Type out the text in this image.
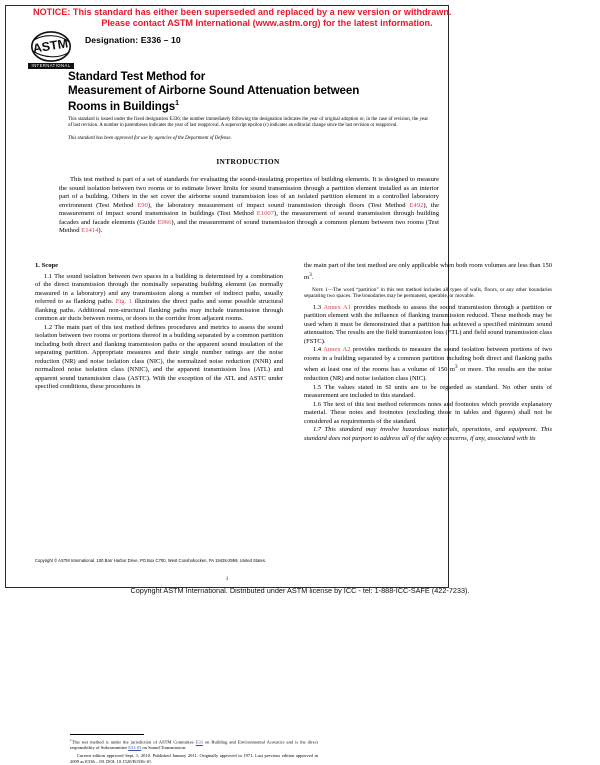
NOTICE: This standard has either been superseded and replaced by a new version or withdrawn.
Please contact ASTM International (www.astm.org) for the latest information.
ASTM
INTERNATIONAL
Designation: E336 – 10
Standard Test Method for
Measurement of Airborne Sound Attenuation between
Rooms in Buildings$^1$
This standard is issued under the fixed designation E336; the number immediately following the designation indicates the year of original adoption or, in the case of revision, the year of last revision. A number in parentheses indicates the year of last reapproval. A superscript epsilon (ε) indicates an editorial change since the last revision or reapproval.
This standard has been approved for use by agencies of the Department of Defense.
INTRODUCTION
This test method is part of a set of standards for evaluating the sound-insulating properties of building elements. It is designed to measure the sound isolation between two rooms or to estimate lower limits for sound transmission through a partition element installed as an interior part of a building. Others in the set cover the airborne sound transmission loss of an isolated partition element in a controlled laboratory environment (Test Method E90), the laboratory measurement of impact sound transmission through floors (Test Method E492), the measurement of impact sound transmission in buildings (Test Method E1007), the measurement of sound transmission through building facades and facade elements (Guide E966), and the measurement of sound transmission through a common plenum between two rooms (Test Method E1414).
1. Scope

1.1 The sound isolation between two spaces in a building is determined by a combination of the direct transmission through the nominally separating building element (as normally measured in a laboratory) and any transmission along a number of indirect paths, usually referred to as flanking paths. Fig. 1 illustrates the direct paths and some possible structural flanking paths. Additional non-structural flanking paths may include transmission through common air ducts between rooms, or doors to the corridor from adjacent rooms.

1.2 The main part of this test method defines procedures and metrics to assess the sound isolation between two rooms or portions thereof in a building separated by a common partition including both direct and flanking transmission paths or the apparent sound insulation of the separating partition. Appropriate measures and their single number ratings are the noise reduction (NR) and noise isolation class (NIC), the normalized noise reduction (NNR) and normalized noise isolation class (NNIC), and the apparent transmission loss (ATL) and apparent sound transmission class (ASTC). With the exception of the ATL and ASTC under specified conditions, these procedures in

$^1$This test method is under the jurisdiction of ASTM Committee E33 on Building and Environmental Acoustics and is the direct responsibility of Subcommittee E33.03 on Sound Transmission.

Current edition approved Sept. 1, 2010. Published January 2011. Originally approved in 1971. Last previous edition approved in 2009 as E336 – 09. DOI: 10.1520/E0336-10.

the main part of the test method are only applicable when both room volumes are less than 150 $m^3$.

Nᴏᴛᴇ 1—The word “partition” in this test method includes all types of walls, floors, or any other boundaries separating two spaces. The boundaries may be permanent, operable, or movable.

1.3 Annex A1 provides methods to assess the sound transmission through a partition or partition element with the influence of flanking transmission reduced. These methods may be used when it must be demonstrated that a partition has achieved a specified minimum sound attenuation. The results are the field transmission loss (FTL) and field sound transmission class (FSTC).

1.4 Annex A2 provides methods to measure the sound isolation between portions of two rooms in a building separated by a common partition including both direct and flanking paths when at least one of the rooms has a volume of 150 $m^3$ or more. The results are the noise reduction (NR) and noise isolation class (NIC).

1.5 The values stated in SI units are to be regarded as standard. No other units of measurement are included in this standard.

1.6 The text of this test method references notes and footnotes which provide explanatory material. These notes and footnotes (excluding those in tables and figures) shall not be considered as requirements of the standard.

1.7 This standard may involve hazardous materials, operations, and equipment. This standard does not purport to address all of the safety concerns, if any, associated with its

Copyright © ASTM International, 100 Barr Harbor Drive, PO Box C700, West Conshohocken, PA 19428-2959, United States.
1
Copyright ASTM International. Distributed under ASTM license by ICC - tel: 1-888-ICC-SAFE (422-7233).
